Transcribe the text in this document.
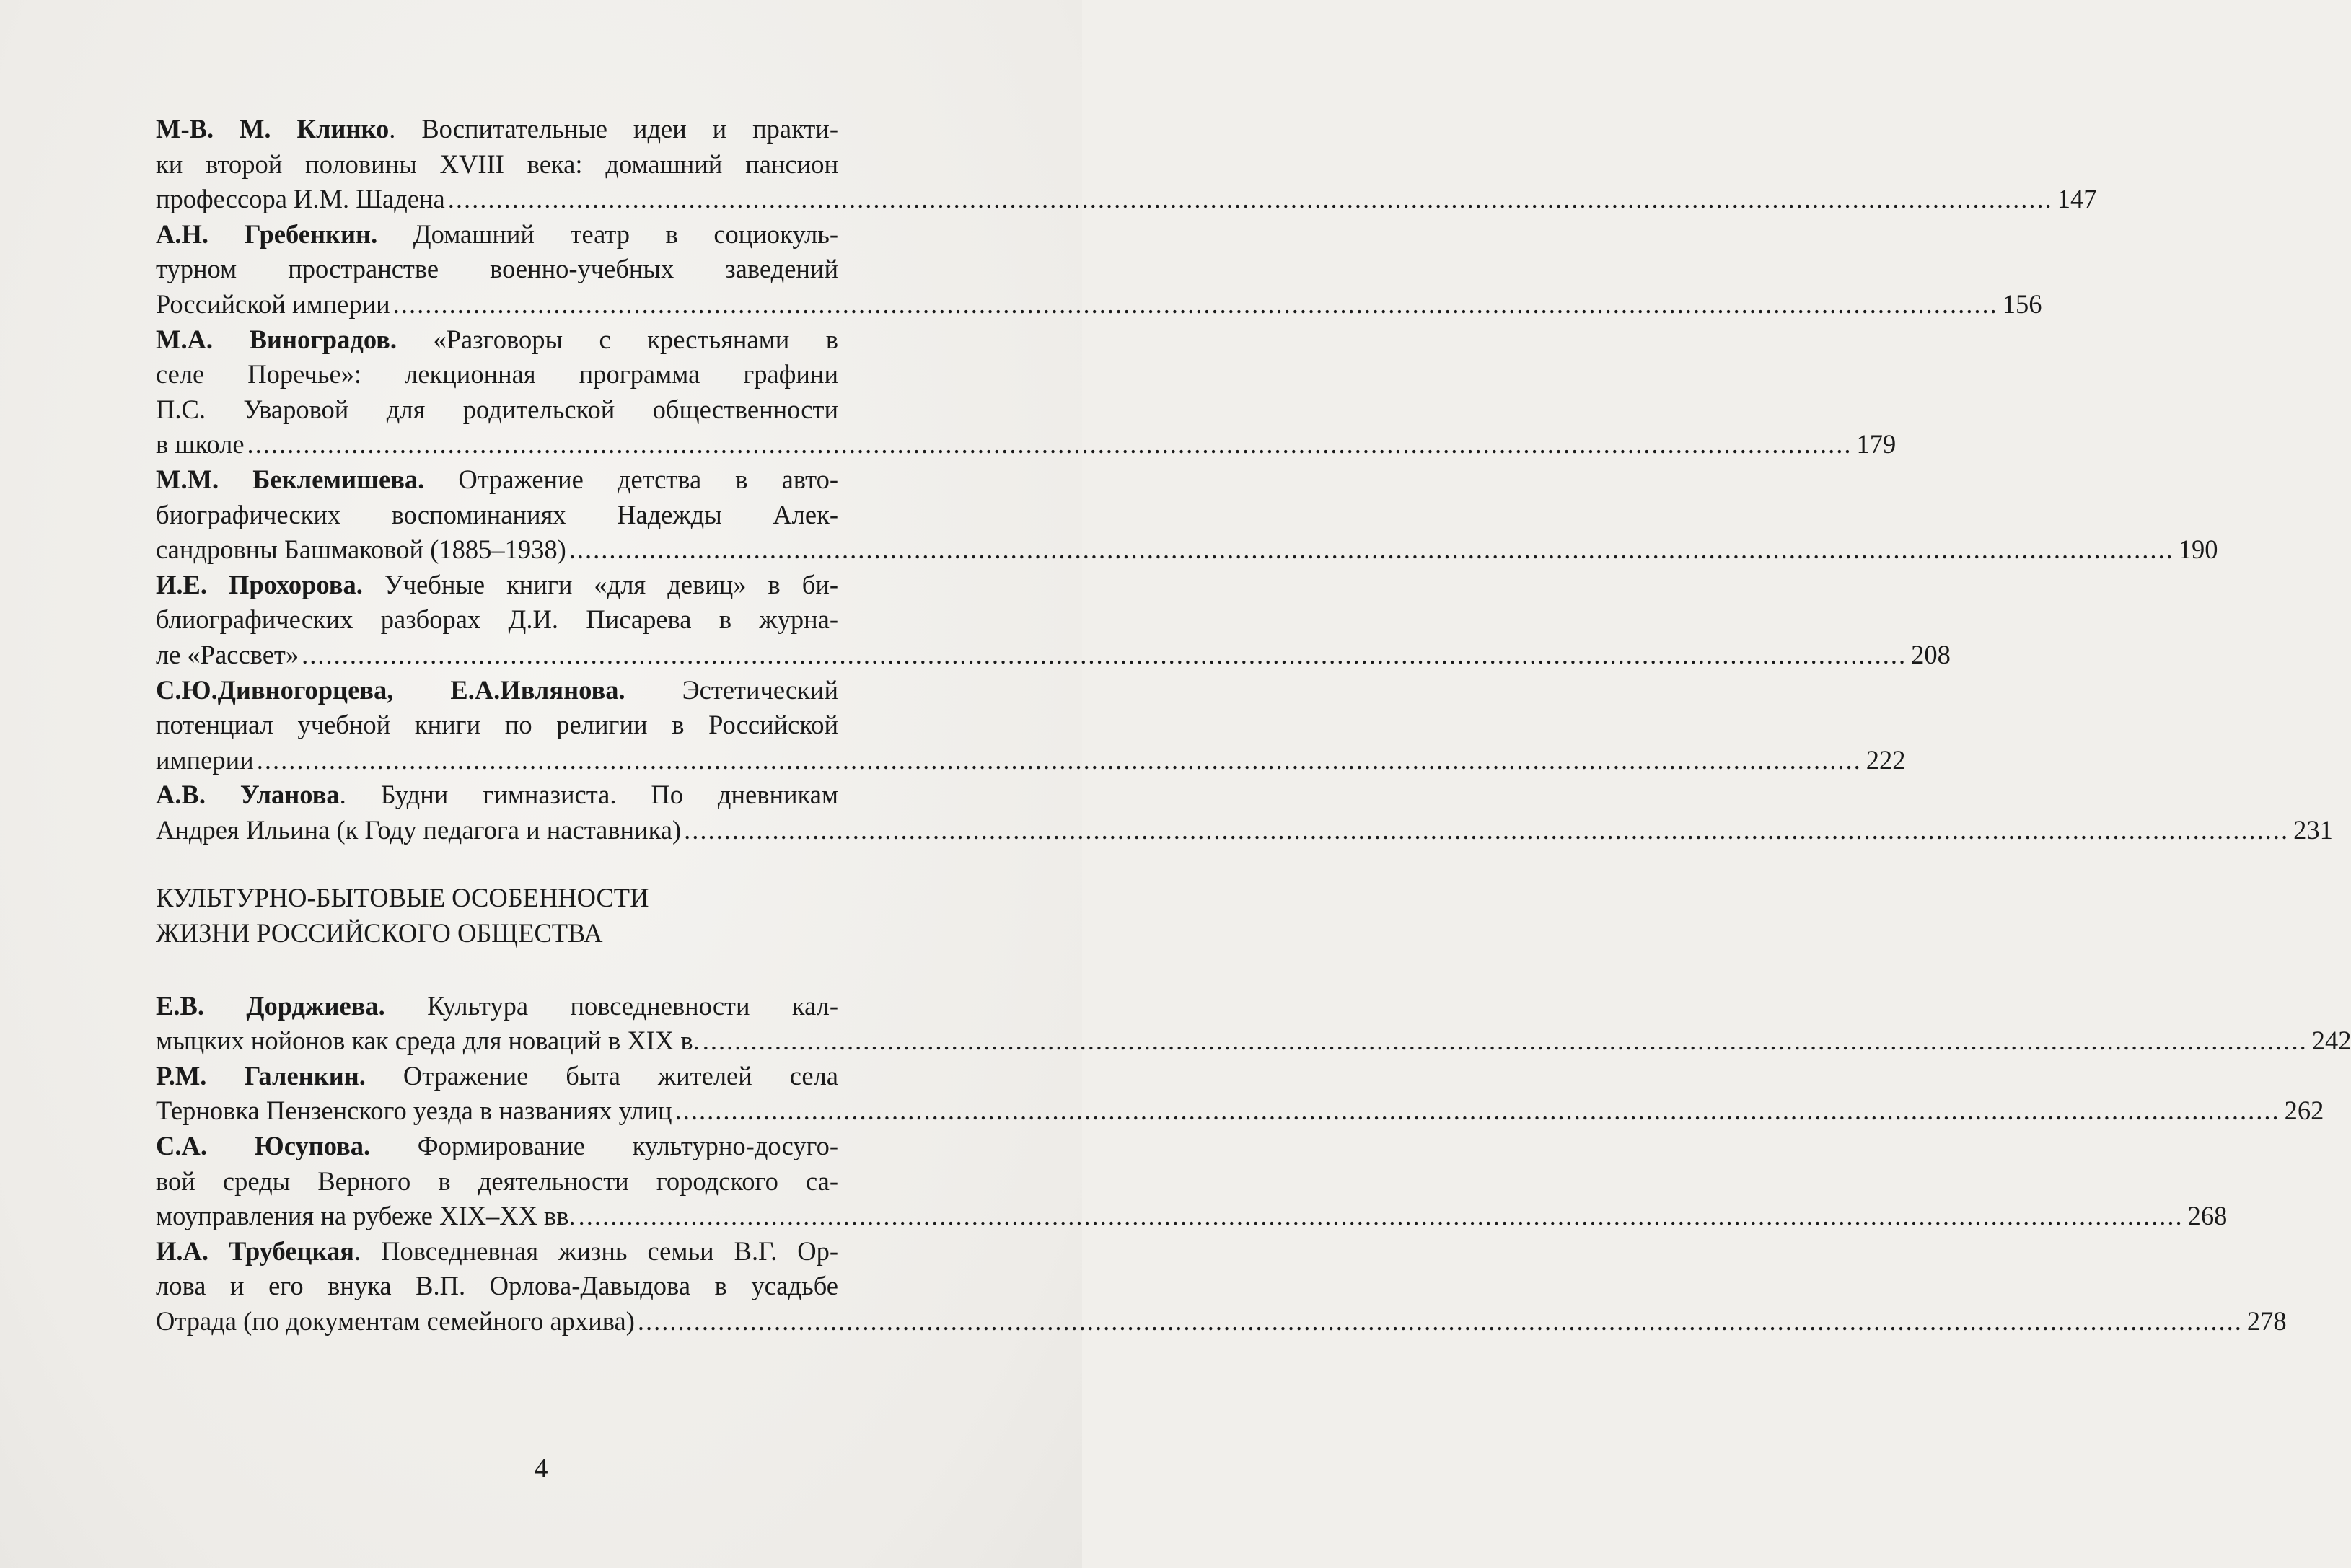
М-В. М. Клинко. Воспитательные идеи и практи-
ки второй половины XVIII века: домашний пансион
профессора И.М. Шадена ........................................................................................................................................................................................................ 147
А.Н. Гребенкин. Домашний театр в социокуль-
турном пространстве военно-учебных заведений
Российской империи ........................................................................................................................................................................................................ 156
М.А. Виноградов. «Разговоры с крестьянами в
селе Поречье»: лекционная программа графини
П.С. Уваровой для родительской общественности
в школе ........................................................................................................................................................................................................ 179
М.М. Беклемишева. Отражение детства в авто-
биографических воспоминаниях Надежды Алек-
сандровны Башмаковой (1885–1938) ........................................................................................................................................................................................................ 190
И.Е. Прохорова. Учебные книги «для девиц» в би-
блиографических разборах Д.И. Писарева в журна-
ле «Рассвет» ........................................................................................................................................................................................................ 208
С.Ю.Дивногорцева, Е.А.Ивлянова. Эстетический
потенциал учебной книги по религии в Российской
империи ........................................................................................................................................................................................................ 222
А.В. Уланова. Будни гимназиста. По дневникам
Андрея Ильина (к Году педагога и наставника) ........................................................................................................................................................................................................ 231
КУЛЬТУРНО-БЫТОВЫЕ ОСОБЕННОСТИ
ЖИЗНИ РОССИЙСКОГО ОБЩЕСТВА
Е.В. Дорджиева. Культура повседневности кал-
мыцких нойонов как среда для новаций в XIX в. ........................................................................................................................................................................................................ 242
Р.М. Галенкин. Отражение быта жителей села
Терновка Пензенского уезда в названиях улиц ........................................................................................................................................................................................................ 262
С.А. Юсупова. Формирование культурно-досуго-
вой среды Верного в деятельности городского са-
моуправления на рубеже XIX–XX вв. ........................................................................................................................................................................................................ 268
И.А. Трубецкая. Повседневная жизнь семьи В.Г. Ор-
лова и его внука В.П. Орлова-Давыдова в усадьбе
Отрада (по документам семейного архива) ........................................................................................................................................................................................................ 278
4
